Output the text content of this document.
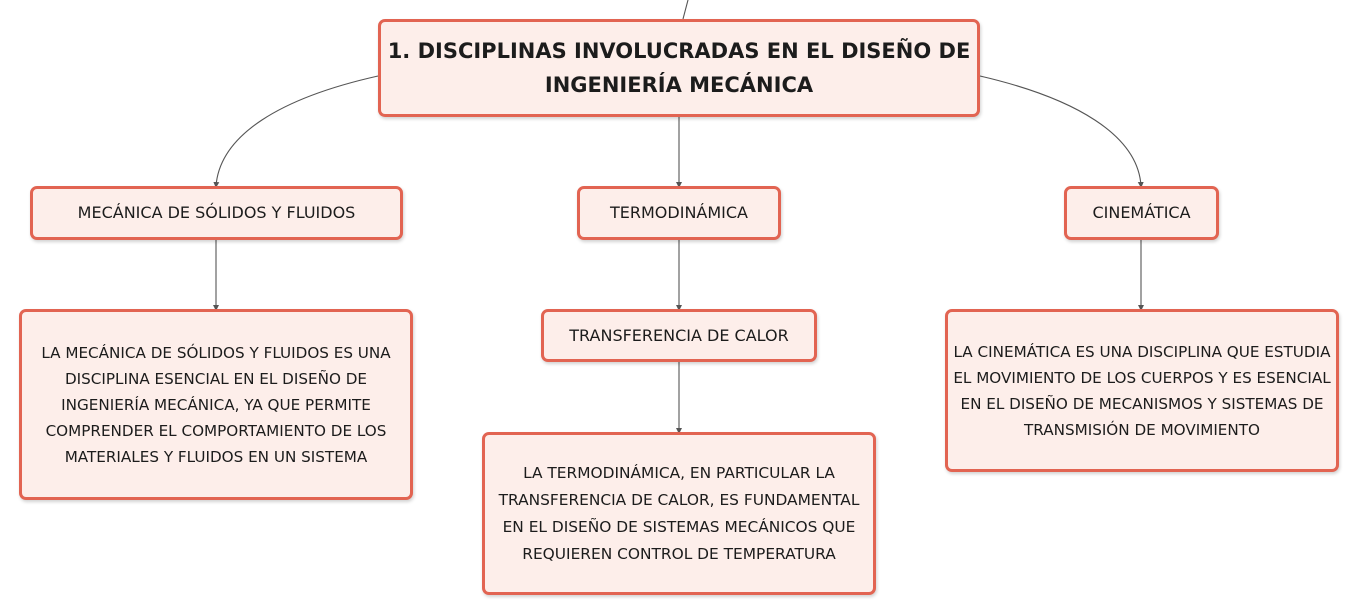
1. DISCIPLINAS INVOLUCRADAS EN EL DISEÑO DE INGENIERÍA MECÁNICA
MECÁNICA DE SÓLIDOS Y FLUIDOS	TERMODINÁMICA	CINEMÁTICA
LA MECÁNICA DE SÓLIDOS Y FLUIDOS ES UNA DISCIPLINA ESENCIAL EN EL DISEÑO DE INGENIERÍA MECÁNICA, YA QUE PERMITE COMPRENDER EL COMPORTAMIENTO DE LOS MATERIALES Y FLUIDOS EN UN SISTEMA
TRANSFERENCIA DE CALOR
LA TERMODINÁMICA, EN PARTICULAR LA TRANSFERENCIA DE CALOR, ES FUNDAMENTAL EN EL DISEÑO DE SISTEMAS MECÁNICOS QUE REQUIEREN CONTROL DE TEMPERATURA
LA CINEMÁTICA ES UNA DISCIPLINA QUE ESTUDIA EL MOVIMIENTO DE LOS CUERPOS Y ES ESENCIAL EN EL DISEÑO DE MECANISMOS Y SISTEMAS DE TRANSMISIÓN DE MOVIMIENTO
